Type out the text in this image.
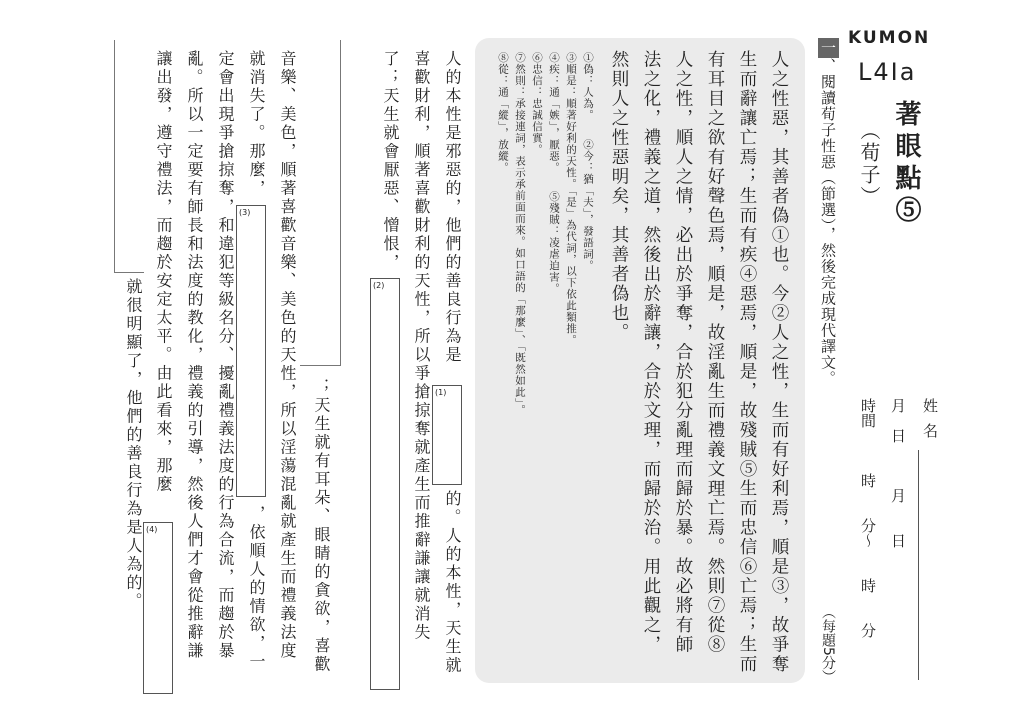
KUMON
L4Ia
著眼點⑤
（荀子）
一、閱讀荀子性惡（節選），然後完成現代譯文。
（每題5分）
姓名
月　日　　　月　　日
時間　　　時　　分～　　時　　分
人之性惡，其善者偽①也。今②人之性，生而有好利焉，順是③，故爭奪
生而辭讓亡焉；生而有疾④惡焉，順是，故殘賊⑤生而忠信⑥亡焉；生而
有耳目之欲有好聲色焉，順是，故淫亂生而禮義文理亡焉。然則⑦從⑧
人之性，順人之情，必出於爭奪，合於犯分亂理而歸於暴。故必將有師
法之化，禮義之道，然後出於辭讓，合於文理，而歸於治。用此觀之，
然則人之性惡明矣，其善者偽也。
①偽：人為。　　②今：猶「夫」，發語詞。
③順是：順著好利的天性。「是」為代詞，以下依此類推。
④疾：通「嫉」，厭惡。　　⑤殘賊：凌虐迫害。
⑥忠信：忠誠信實。
⑦然則：承接連詞，表示承前面而來。如口語的「那麼」、「既然如此」。
⑧從：通「縱」，放縱。
人的本性是邪惡的，他們的善良行為是
(1)
的。人的本性，天生就
喜歡財利，順著喜歡財利的天性，所以爭搶掠奪就產生而推辭謙讓就消失
了；天生就會厭惡、憎恨，
(2)
；天生就有耳朵、眼睛的貪欲，喜歡
音樂、美色，順著喜歡音樂、美色的天性，所以淫蕩混亂就產生而禮義法度
就消失了。那麼，
(3)
，依順人的情欲，一
定會出現爭搶掠奪，和違犯等級名分、擾亂禮義法度的行為合流，而趨於暴
亂。所以一定要有師長和法度的教化，禮義的引導，然後人們才會從推辭謙
讓出發，遵守禮法，而趨於安定太平。由此看來，那麼
(4)
就很明顯了，他們的善良行為是人為的。
